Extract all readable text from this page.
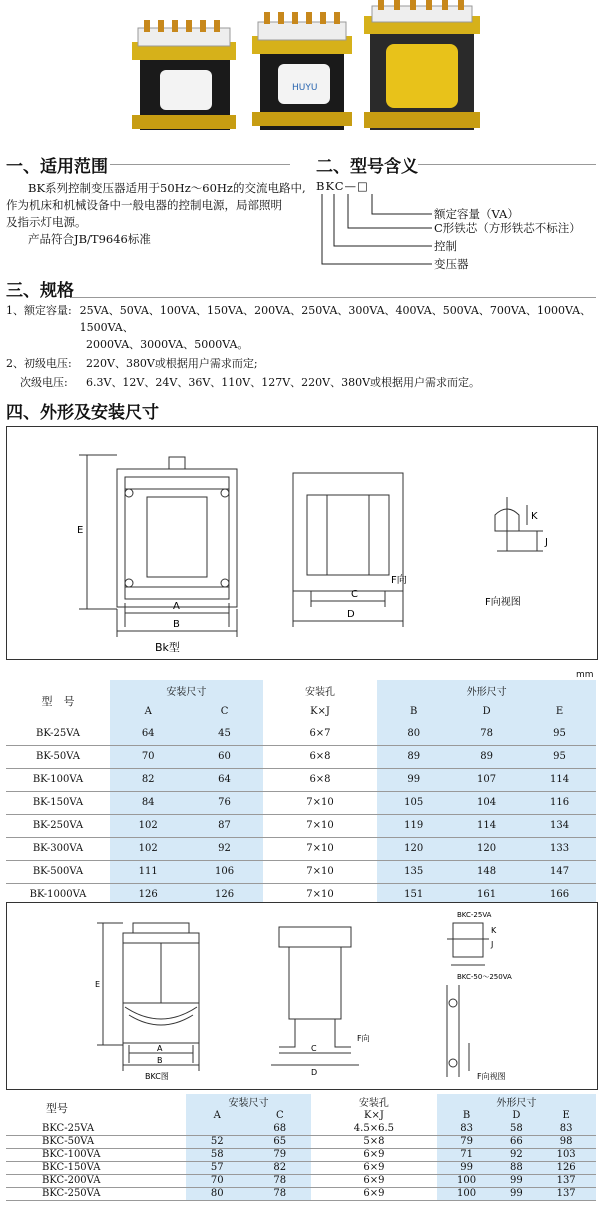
HUYU
一、适用范围
BK系列控制变压器适用于50Hz～60Hz的交流电路中,
作为机床和机械设备中一般电器的控制电源，局部照明
及指示灯电源。
产品符合JB/T9646标准
二、型号含义
BKC—□
额定容量（VA）
C形铁芯（方形铁芯不标注）
控制
变压器
三、规格
1、额定容量: 25VA、50VA、100VA、150VA、200VA、250VA、300VA、400VA、500VA、700VA、1000VA、1500VA、
2000VA、3000VA、5000VA。
2、初级电压:	220V、380V或根据用户需求而定;
次级电压:	6.3V、12V、24V、36V、110V、127V、220V、380V或根据用户需求而定。
四、外形及安装尺寸
E
A
B
Bk型
C
D
F向
F向视图
K
J
mm
型　号	安装尺寸		安装孔	外形尺寸		
	A	C	K×J	B	D	E
BK-25VA	64	45	6×7	80	78	95
BK-50VA	70	60	6×8	89	89	95
BK-100VA	82	64	6×8	99	107	114
BK-150VA	84	76	7×10	105	104	116
BK-250VA	102	87	7×10	119	114	134
BK-300VA	102	92	7×10	120	120	133
BK-500VA	111	106	7×10	135	148	147
BK-1000VA	126	126	7×10	151	161	166
E
A
B
BKC图
C
D
F向
BKC-25VA
BKC-50～250VA
K
J
F向视图
型号	安装尺寸		安装孔	外形尺寸		
	A	C	K×J	B	D	E
BKC-25VA		68	4.5×6.5	83	58	83
BKC-50VA	52	65	5×8	79	66	98
BKC-100VA	58	79	6×9	71	92	103
BKC-150VA	57	82	6×9	99	88	126
BKC-200VA	70	78	6×9	100	99	137
BKC-250VA	80	78	6×9	100	99	137
